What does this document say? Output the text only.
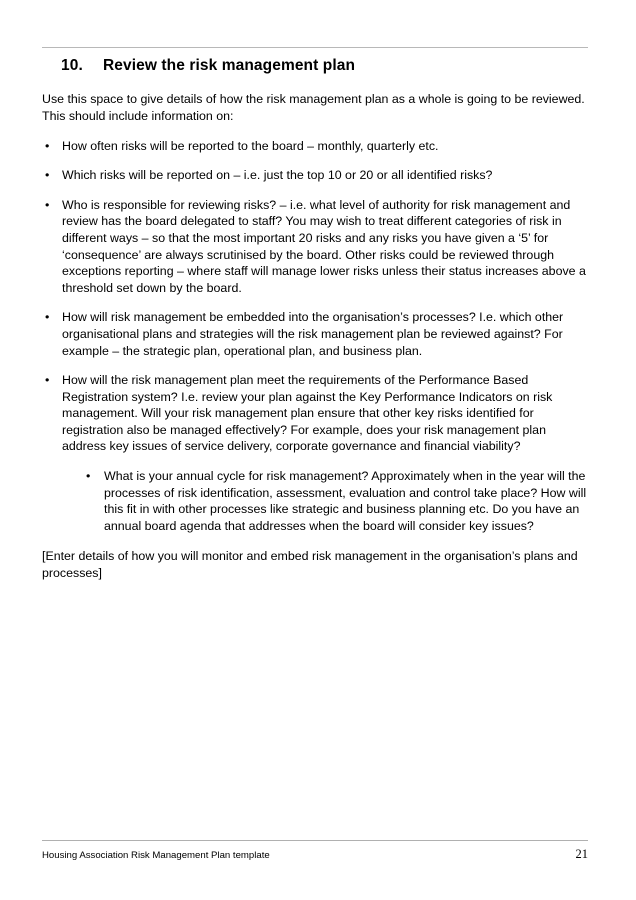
10. Review the risk management plan

Use this space to give details of how the risk management plan as a whole is going to be reviewed. This should include information on:

• How often risks will be reported to the board – monthly, quarterly etc.
• Which risks will be reported on – i.e. just the top 10 or 20 or all identified risks?
• Who is responsible for reviewing risks? – i.e. what level of authority for risk management and review has the board delegated to staff? You may wish to treat different categories of risk in different ways – so that the most important 20 risks and any risks you have given a ‘5’ for ‘consequence’ are always scrutinised by the board. Other risks could be reviewed through exceptions reporting – where staff will manage lower risks unless their status increases above a threshold set down by the board.
• How will risk management be embedded into the organisation’s processes? I.e. which other organisational plans and strategies will the risk management plan be reviewed against? For example – the strategic plan, operational plan, and business plan.
• How will the risk management plan meet the requirements of the Performance Based Registration system? I.e. review your plan against the Key Performance Indicators on risk management. Will your risk management plan ensure that other key risks identified for registration also be managed effectively? For example, does your risk management plan address key issues of service delivery, corporate governance and financial viability?
• What is your annual cycle for risk management? Approximately when in the year will the processes of risk identification, assessment, evaluation and control take place? How will this fit in with other processes like strategic and business planning etc. Do you have an annual board agenda that addresses when the board will consider key issues?

[Enter details of how you will monitor and embed risk management in the organisation’s plans and processes]

Housing Association Risk Management Plan template	21
